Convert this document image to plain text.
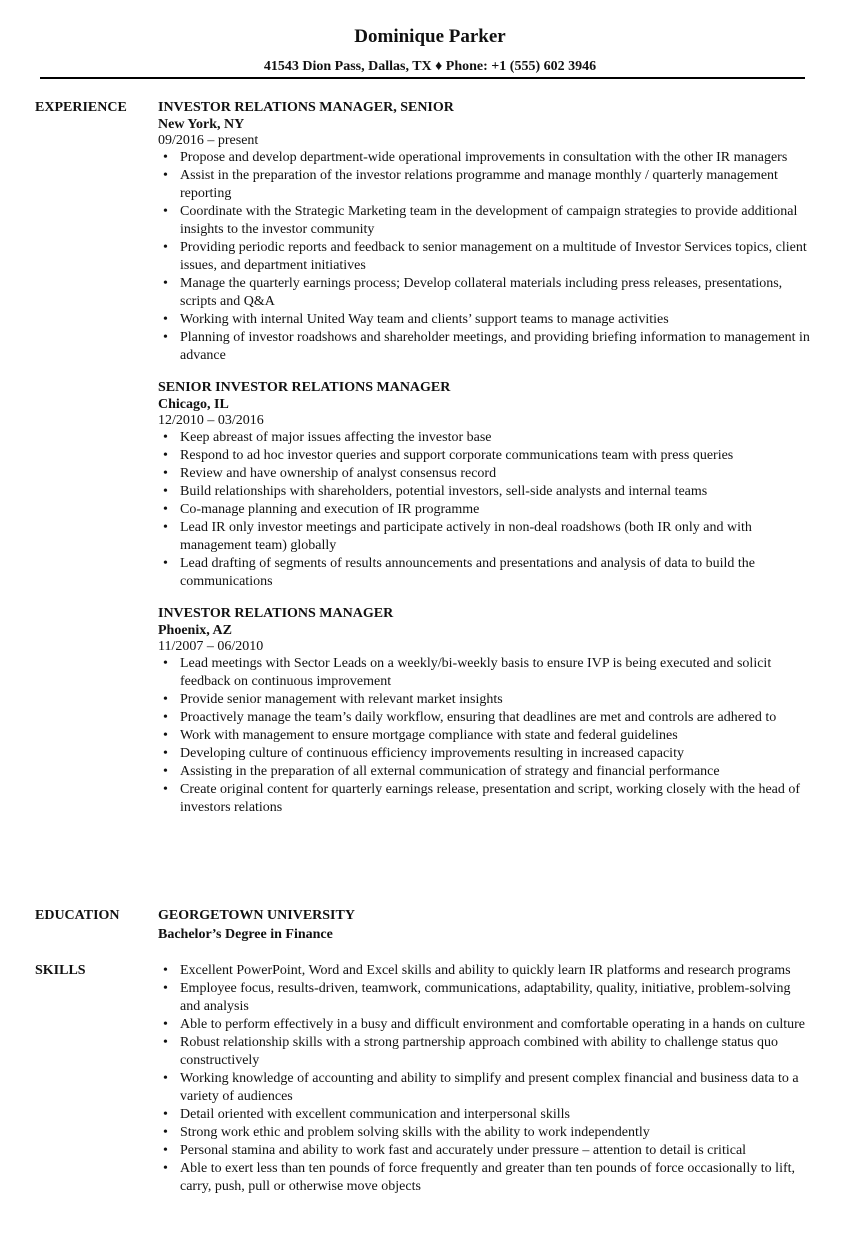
Dominique Parker
41543 Dion Pass, Dallas, TX ♦ Phone: +1 (555) 602 3946
EXPERIENCE INVESTOR RELATIONS MANAGER, SENIOR
New York, NY
09/2016 – present
• Propose and develop department-wide operational improvements in consultation with the other IR managers
• Assist in the preparation of the investor relations programme and manage monthly / quarterly management reporting
• Coordinate with the Strategic Marketing team in the development of campaign strategies to provide additional insights to the investor community
• Providing periodic reports and feedback to senior management on a multitude of Investor Services topics, client issues, and department initiatives
• Manage the quarterly earnings process; Develop collateral materials including press releases, presentations, scripts and Q&A
• Working with internal United Way team and clients’ support teams to manage activities
• Planning of investor roadshows and shareholder meetings, and providing briefing information to management in advance
SENIOR INVESTOR RELATIONS MANAGER
Chicago, IL
12/2010 – 03/2016
• Keep abreast of major issues affecting the investor base
• Respond to ad hoc investor queries and support corporate communications team with press queries
• Review and have ownership of analyst consensus record
• Build relationships with shareholders, potential investors, sell-side analysts and internal teams
• Co-manage planning and execution of IR programme
• Lead IR only investor meetings and participate actively in non-deal roadshows (both IR only and with management team) globally
• Lead drafting of segments of results announcements and presentations and analysis of data to build the communications
INVESTOR RELATIONS MANAGER
Phoenix, AZ
11/2007 – 06/2010
• Lead meetings with Sector Leads on a weekly/bi-weekly basis to ensure IVP is being executed and solicit feedback on continuous improvement
• Provide senior management with relevant market insights
• Proactively manage the team’s daily workflow, ensuring that deadlines are met and controls are adhered to
• Work with management to ensure mortgage compliance with state and federal guidelines
• Developing culture of continuous efficiency improvements resulting in increased capacity
• Assisting in the preparation of all external communication of strategy and financial performance
• Create original content for quarterly earnings release, presentation and script, working closely with the head of investors relations
EDUCATION	GEORGETOWN UNIVERSITY
Bachelor’s Degree in Finance
SKILLS	• Excellent PowerPoint, Word and Excel skills and ability to quickly learn IR platforms and research programs
• Employee focus, results-driven, teamwork, communications, adaptability, quality, initiative, problem-solving and analysis
• Able to perform effectively in a busy and difficult environment and comfortable operating in a hands on culture
• Robust relationship skills with a strong partnership approach combined with ability to challenge status quo constructively
• Working knowledge of accounting and ability to simplify and present complex financial and business data to a variety of audiences
• Detail oriented with excellent communication and interpersonal skills
• Strong work ethic and problem solving skills with the ability to work independently
• Personal stamina and ability to work fast and accurately under pressure – attention to detail is critical
• Able to exert less than ten pounds of force frequently and greater than ten pounds of force occasionally to lift, carry, push, pull or otherwise move objects
